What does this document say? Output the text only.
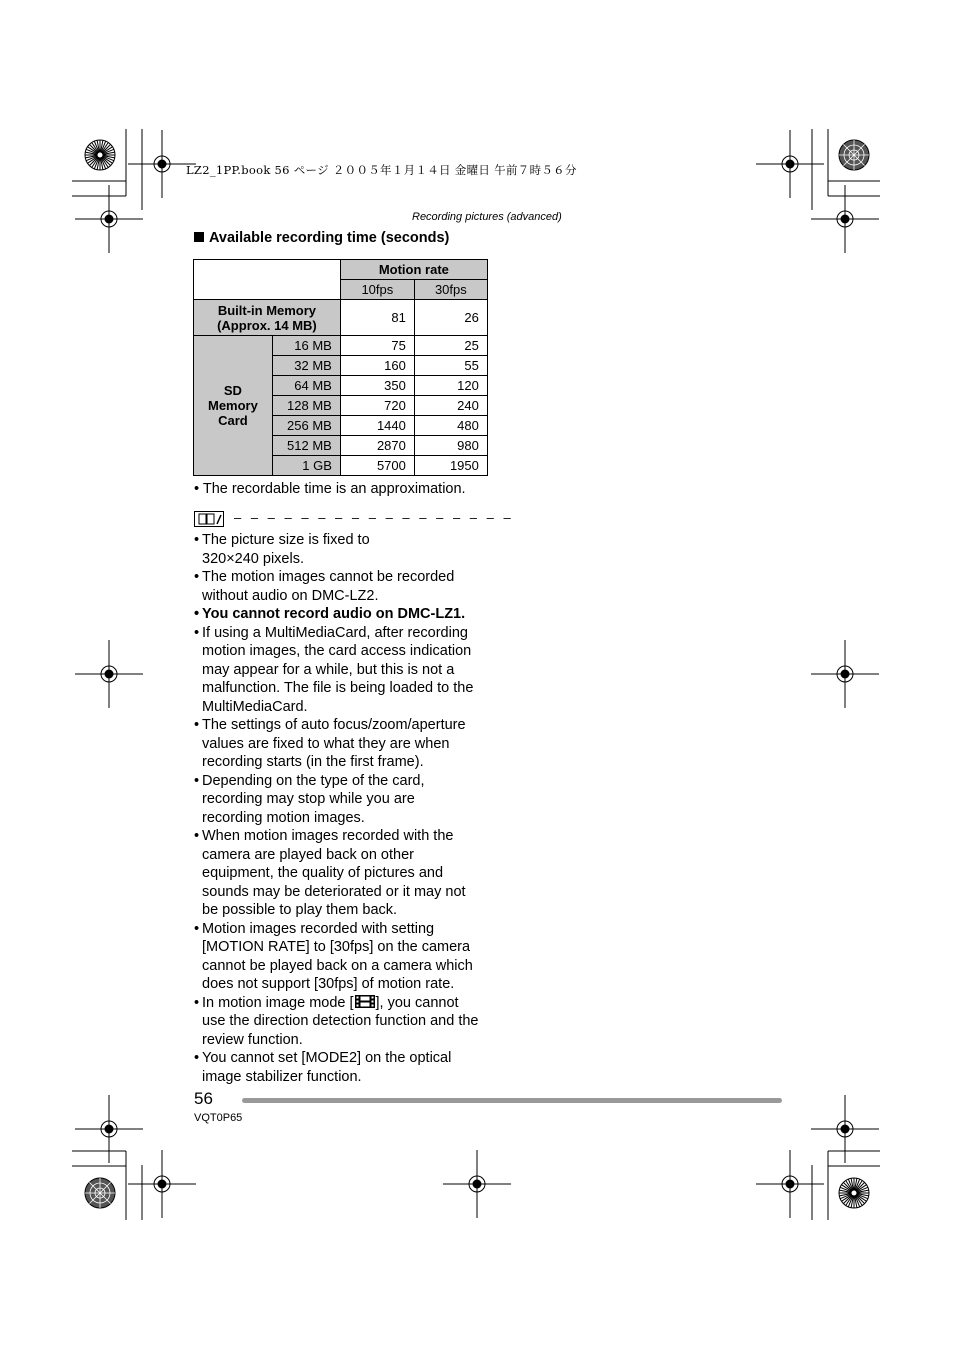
LZ2_1PP.book 56 ページ ２００５年１月１４日 金曜日 午前７時５６分
Recording pictures (advanced)
Available recording time (seconds)
		Motion rate	
		10fps	30fps
Built-in Memory (Approx. 14 MB)		81	26
SD Memory Card	16 MB	75	25
	32 MB	160	55
	64 MB	350	120
	128 MB	720	240
	256 MB	1440	480
	512 MB	2870	980
	1 GB	5700	1950
• The recordable time is an approximation.
– – – – – – – – – – – – – – – – –
• The picture size is fixed to 320×240 pixels.
• The motion images cannot be recorded without audio on DMC-LZ2.
• You cannot record audio on DMC-LZ1.
• If using a MultiMediaCard, after recording motion images, the card access indication may appear for a while, but this is not a malfunction. The file is being loaded to the MultiMediaCard.
• The settings of auto focus/zoom/aperture values are fixed to what they are when recording starts (in the first frame).
• Depending on the type of the card, recording may stop while you are recording motion images.
• When motion images recorded with the camera are played back on other equipment, the quality of pictures and sounds may be deteriorated or it may not be possible to play them back.
• Motion images recorded with setting [MOTION RATE] to [30fps] on the camera cannot be played back on a camera which does not support [30fps] of motion rate.
• In motion image mode [ ], you cannot
use the direction detection function and the review function.
• You cannot set [MODE2] on the optical image stabilizer function.
56
VQT0P65
